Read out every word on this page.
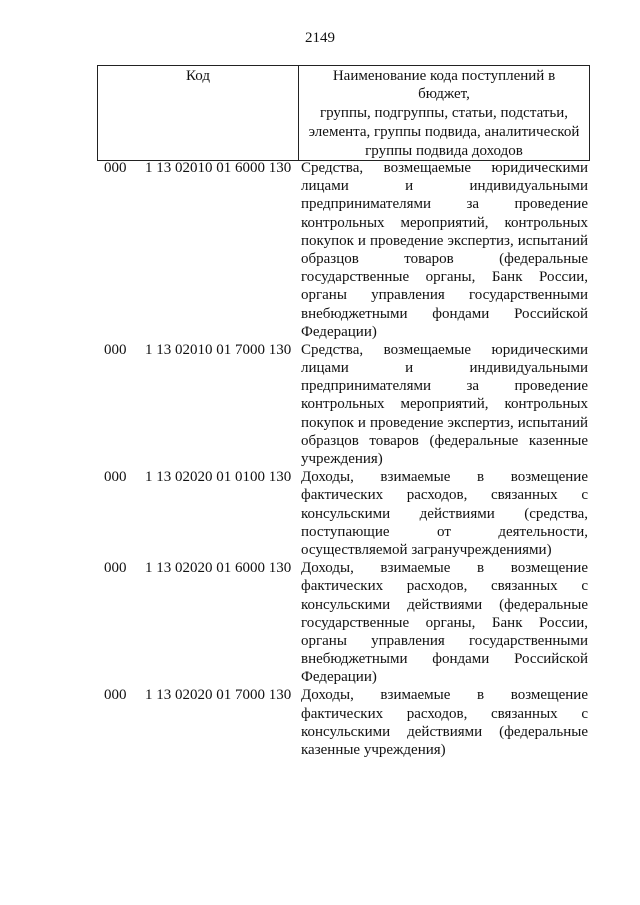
2149
Код	Наименование кода поступлений в бюджет,
группы, подгруппы, статьи, подстатьи,
элемента, группы подвида, аналитической
группы подвида доходов
000 1 13 02010 01 6000 130 Средства, возмещаемые юридическими
лицами и индивидуальными
предпринимателями за проведение
контрольных мероприятий, контрольных
покупок и проведение экспертиз, испытаний
образцов товаров (федеральные
государственные органы, Банк России,
органы управления государственными
внебюджетными фондами Российской
Федерации)
000 1 13 02010 01 7000 130 Средства, возмещаемые юридическими
лицами и индивидуальными
предпринимателями за проведение
контрольных мероприятий, контрольных
покупок и проведение экспертиз, испытаний
образцов товаров (федеральные казенные
учреждения)
000 1 13 02020 01 0100 130 Доходы, взимаемые в возмещение
фактических расходов, связанных с
консульскими действиями (средства,
поступающие от деятельности,
осуществляемой загранучреждениями)
000 1 13 02020 01 6000 130 Доходы, взимаемые в возмещение
фактических расходов, связанных с
консульскими действиями (федеральные
государственные органы, Банк России,
органы управления государственными
внебюджетными фондами Российской
Федерации)
000 1 13 02020 01 7000 130 Доходы, взимаемые в возмещение
фактических расходов, связанных с
консульскими действиями (федеральные
казенные учреждения)
